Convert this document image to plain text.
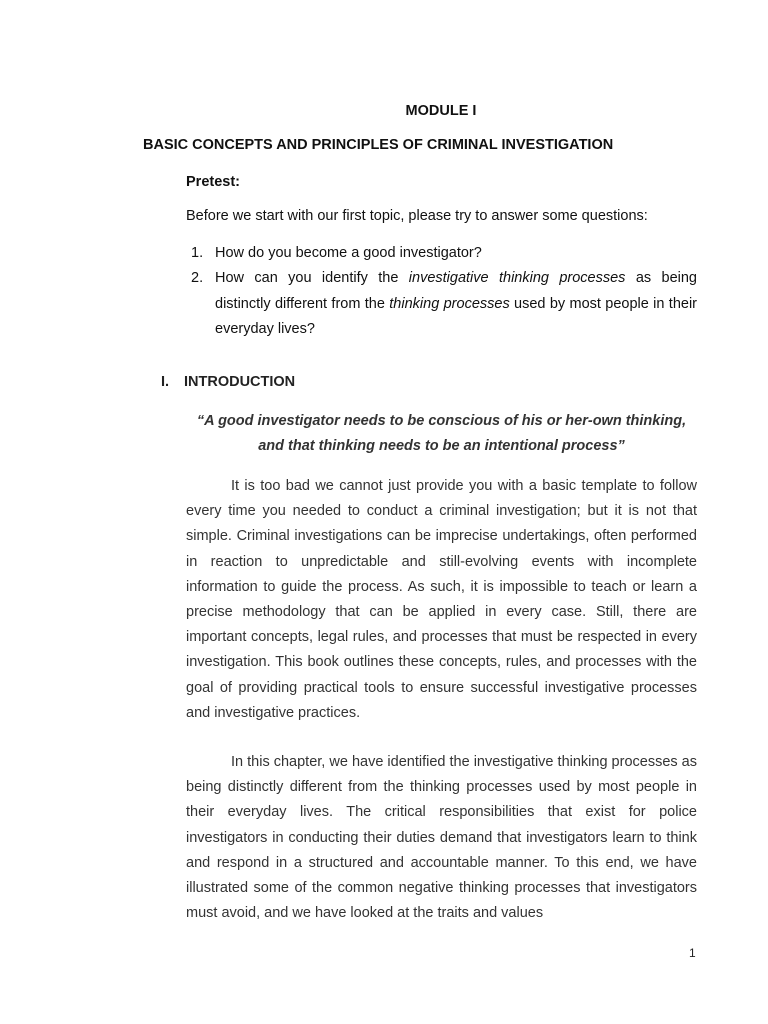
MODULE I
BASIC CONCEPTS AND PRINCIPLES OF CRIMINAL INVESTIGATION
Pretest:
Before we start with our first topic, please try to answer some questions:
1. How do you become a good investigator?
2. How can you identify the investigative thinking processes as being distinctly different from the thinking processes used by most people in their everyday lives?
I. INTRODUCTION
“A good investigator needs to be conscious of his or her-own thinking, and that thinking needs to be an intentional process”

It is too bad we cannot just provide you with a basic template to follow every time you needed to conduct a criminal investigation; but it is not that simple. Criminal investigations can be imprecise undertakings, often performed in reaction to unpredictable and still-evolving events with incomplete information to guide the process. As such, it is impossible to teach or learn a precise methodology that can be applied in every case. Still, there are important concepts, legal rules, and processes that must be respected in every investigation. This book outlines these concepts, rules, and processes with the goal of providing practical tools to ensure successful investigative processes and investigative practices.

In this chapter, we have identified the investigative thinking processes as being distinctly different from the thinking processes used by most people in their everyday lives. The critical responsibilities that exist for police investigators in conducting their duties demand that investigators learn to think and respond in a structured and accountable manner. To this end, we have illustrated some of the common negative thinking processes that investigators must avoid, and we have looked at the traits and values

1
